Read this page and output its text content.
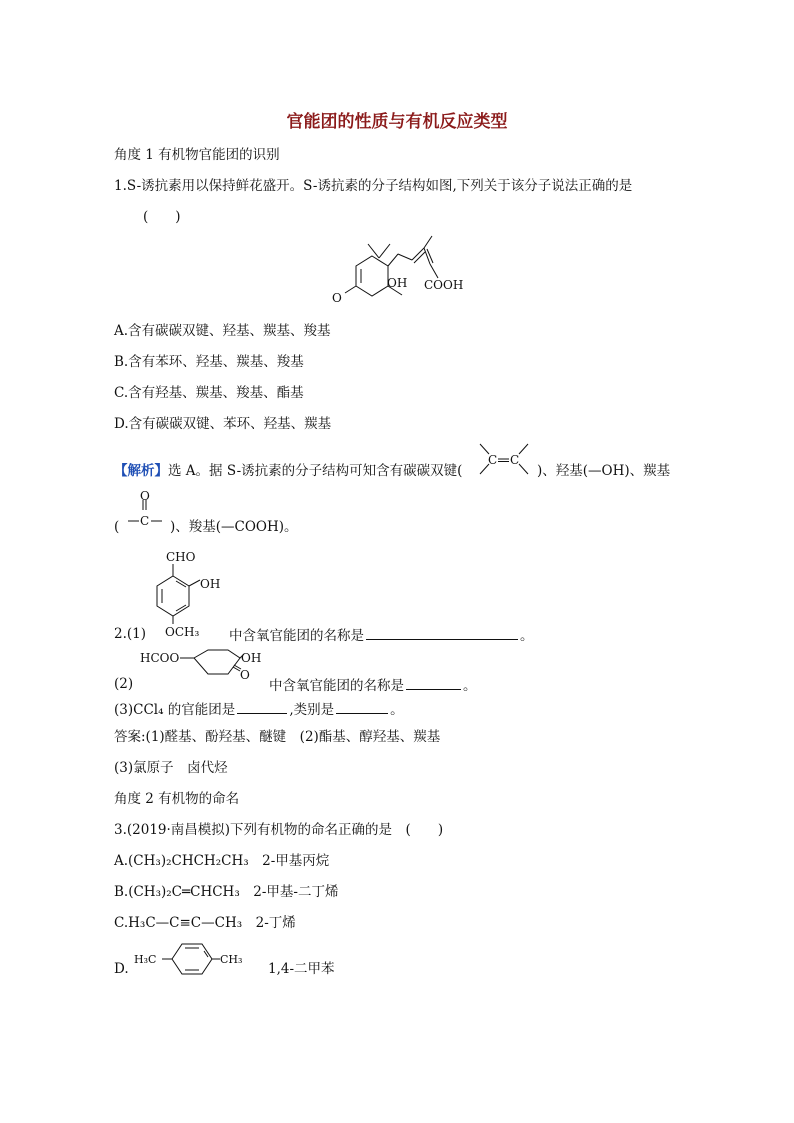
官能团的性质与有机反应类型
角度 1 有机物官能团的识别
1.S-诱抗素用以保持鲜花盛开。S-诱抗素的分子结构如图,下列关于该分子说法正确的是
(　　)
O
OH COOH
A.含有碳碳双键、羟基、羰基、羧基
B.含有苯环、羟基、羰基、羧基
C.含有羟基、羰基、羧基、酯基
D.含有碳碳双键、苯环、羟基、羰基
【解析】选 A。据 S-诱抗素的分子结构可知含有碳碳双键(
C C
)、羟基(—OH)、羰基
(
O
C )、羧基(—COOH)。
CHO
OH
OCH₃
2.(1)	中含氧官能团的名称是	。
HCOO	OH
O
(2)	中含氧官能团的名称是	。
(3)CCl₄ 的官能团是	,类别是	。
答案:(1)醛基、酚羟基、醚键　(2)酯基、醇羟基、羰基
(3)氯原子　卤代烃
角度 2 有机物的命名
3.(2019·南昌模拟)下列有机物的命名正确的是　(　　)
A.(CH₃)₂CHCH₂CH₃　2-甲基丙烷
B.(CH₃)₂C═CHCH₃　2-甲基-二丁烯
C.H₃C—C≡C—CH₃　2-丁烯
D.
H₃C	CH₃
1,4-二甲苯
